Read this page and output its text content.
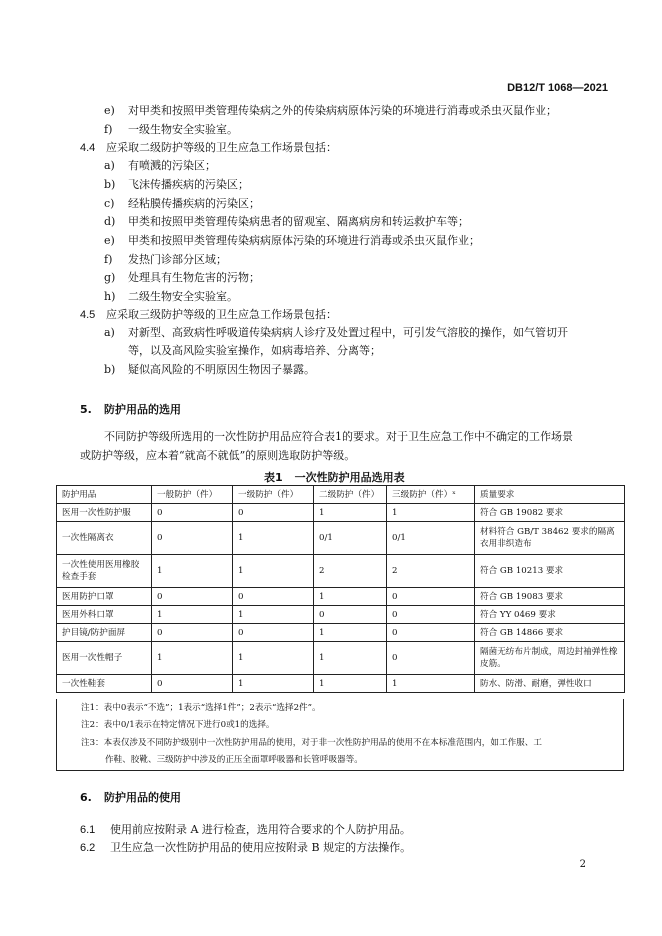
DB12/T 1068—2021
e) 对甲类和按照甲类管理传染病之外的传染病病原体污染的环境进行消毒或杀虫灭鼠作业；
f) 一级生物安全实验室。
4.4 应采取二级防护等级的卫生应急工作场景包括：
a) 有喷溅的污染区；
b) 飞沫传播疾病的污染区；
c) 经粘膜传播疾病的污染区；
d) 甲类和按照甲类管理传染病患者的留观室、隔离病房和转运救护车等；
e) 甲类和按照甲类管理传染病病原体污染的环境进行消毒或杀虫灭鼠作业；
f) 发热门诊部分区域；
g) 处理具有生物危害的污物；
h) 二级生物安全实验室。
4.5 应采取三级防护等级的卫生应急工作场景包括：
a) 对新型、高致病性呼吸道传染病病人诊疗及处置过程中，可引发气溶胶的操作，如气管切开
等，以及高风险实验室操作，如病毒培养、分离等；
b) 疑似高风险的不明原因生物因子暴露。
5. 防护用品的选用
不同防护等级所选用的一次性防护用品应符合表1的要求。对于卫生应急工作中不确定的工作场景
或防护等级，应本着“就高不就低”的原则选取防护等级。
表1 一次性防护用品选用表
防护用品	一般防护（件）	一级防护（件）	二级防护（件）	三级防护（件）ˣ	质量要求
医用一次性防护服	0	0	1	1	符合 GB 19082 要求
一次性隔离衣	0	1	0/1	0/1	材料符合 GB/T 38462 要求的隔离衣用非织造布
一次性使用医用橡胶检查手套	1	1	2	2	符合 GB 10213 要求
医用防护口罩	0	0	1	0	符合 GB 19083 要求
医用外科口罩	1	1	0	0	符合 YY 0469 要求
护目镜/防护面屏	0	0	1	0	符合 GB 14866 要求
医用一次性帽子	1	1	1	0	隔菌无纺布片制成，周边封袖弹性橡皮筋。
一次性鞋套	0	1	1	1	防水、防滑、耐磨，弹性收口
注1：表中0表示“不选”；1表示“选择1件”；2表示“选择2件”。
注2：表中0/1表示在特定情况下进行0或1的选择。
注3：本表仅涉及不同防护级别中一次性防护用品的使用，对于非一次性防护用品的使用不在本标准范围内，如工作服、工
作鞋、胶靴、三级防护中涉及的正压全面罩呼吸器和长管呼吸器等。
6. 防护用品的使用
6.1 使用前应按附录 A 进行检查，选用符合要求的个人防护用品。
6.2 卫生应急一次性防护用品的使用应按附录 B 规定的方法操作。
2
